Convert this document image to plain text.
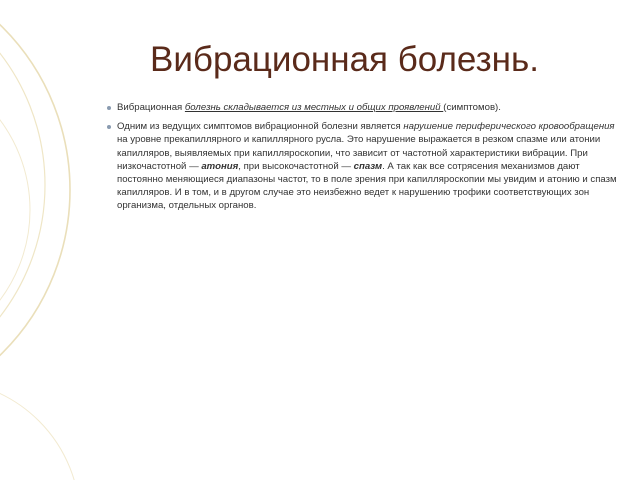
Вибрационная болезнь.

Вибрационная болезнь складывается из местных и общих проявлений (симптомов).

Одним из ведущих симптомов вибрационной болезни является нарушение периферического кровообращения на уровне прекапиллярного и капиллярного русла. Это нарушение выражается в резком спазме или атонии капилляров, выявляемых при капилляроскопии, что зависит от частотной характеристики вибрации. При низкочастотной — атония, при высокочастотной — спазм. А так как все сотрясения механизмов дают постоянно меняющиеся диапазоны частот, то в поле зрения при капилляроскопии мы увидим и атонию и спазм капилляров. И в том, и в другом случае это неизбежно ведет к нарушению трофики соответствующих зон организма, отдельных органов.
